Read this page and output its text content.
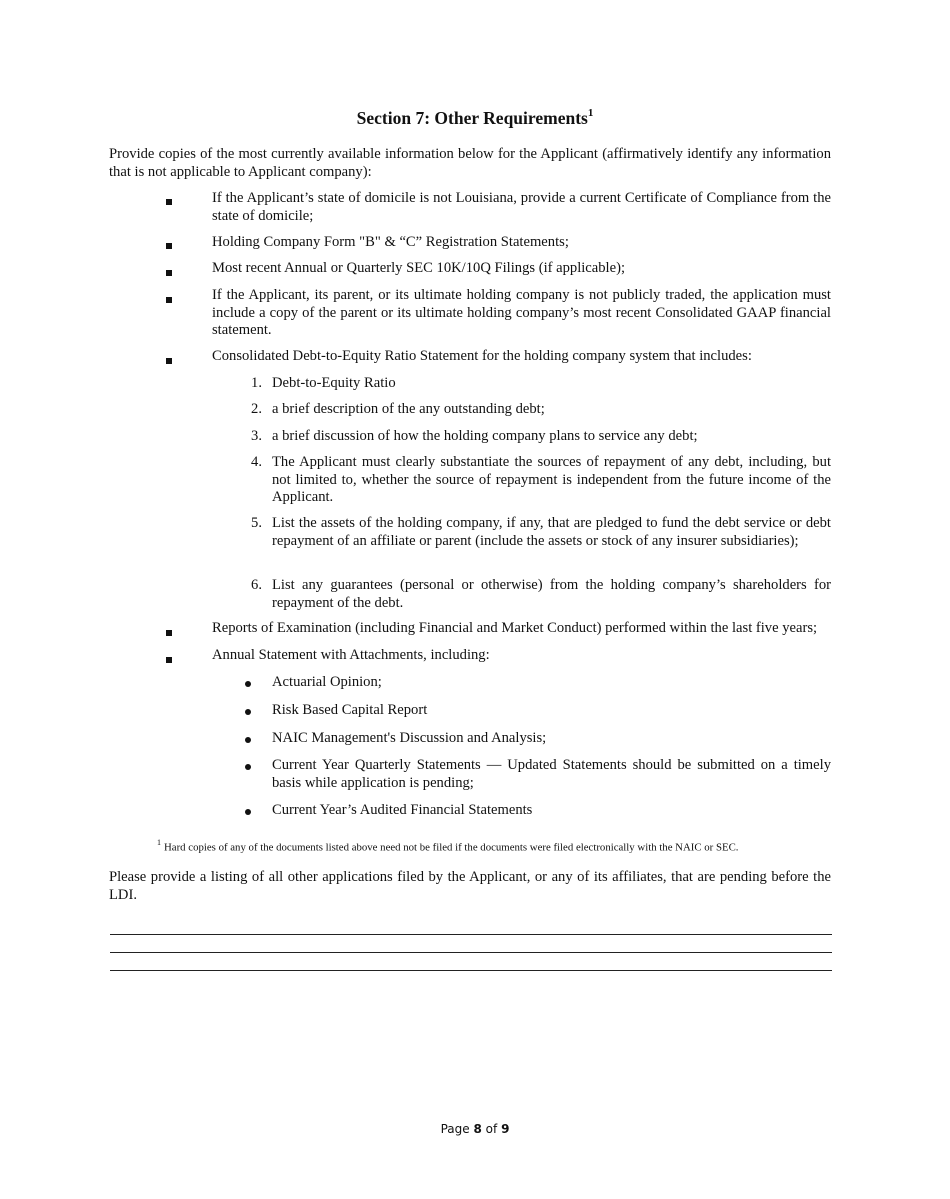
Section 7: Other Requirements$^1$
Provide copies of the most currently available information below for the Applicant (affirmatively identify any information that is not applicable to Applicant company):
If the Applicant’s state of domicile is not Louisiana, provide a current Certificate of Compliance from the state of domicile;
Holding Company Form "B" & “C” Registration Statements;
Most recent Annual or Quarterly SEC 10K/10Q Filings (if applicable);
If the Applicant, its parent, or its ultimate holding company is not publicly traded, the application must include a copy of the parent or its ultimate holding company’s most recent Consolidated GAAP financial statement.
Consolidated Debt-to-Equity Ratio Statement for the holding company system that includes:
1. Debt-to-Equity Ratio
2. a brief description of the any outstanding debt;
3. a brief discussion of how the holding company plans to service any debt;
4. The Applicant must clearly substantiate the sources of repayment of any debt, including, but not limited to, whether the source of repayment is independent from the future income of the Applicant.
5. List the assets of the holding company, if any, that are pledged to fund the debt service or debt repayment of an affiliate or parent (include the assets or stock of any insurer subsidiaries);
6. List any guarantees (personal or otherwise) from the holding company’s shareholders for repayment of the debt.
Reports of Examination (including Financial and Market Conduct) performed within the last five years;
Annual Statement with Attachments, including:
Actuarial Opinion;
Risk Based Capital Report
NAIC Management's Discussion and Analysis;
Current Year Quarterly Statements — Updated Statements should be submitted on a timely basis while application is pending;
Current Year’s Audited Financial Statements
$^1$ Hard copies of any of the documents listed above need not be filed if the documents were filed electronically with the NAIC or SEC.
Please provide a listing of all other applications filed by the Applicant, or any of its affiliates, that are pending before the LDI.
Page 8 of 9
